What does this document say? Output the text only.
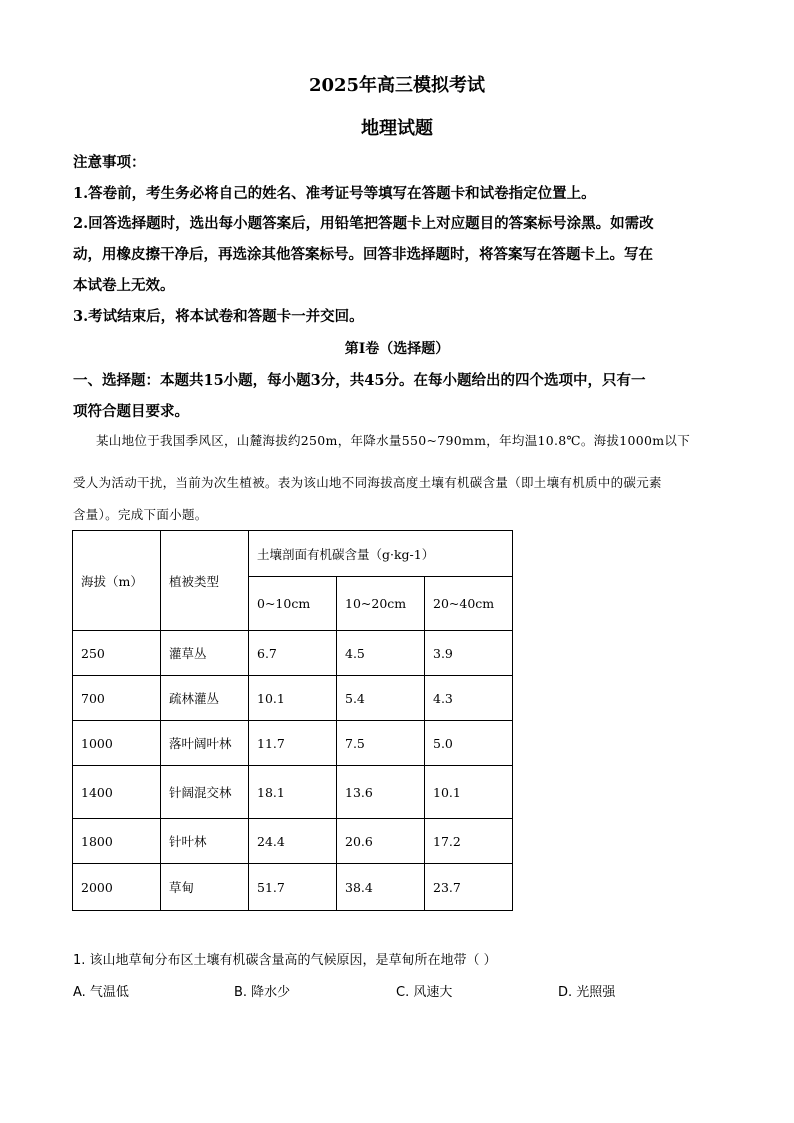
2025年高三模拟考试
地理试题
注意事项：
1.答卷前，考生务必将自己的姓名、准考证号等填写在答题卡和试卷指定位置上。
2.回答选择题时，选出每小题答案后，用铅笔把答题卡上对应题目的答案标号涂黑。如需改
动，用橡皮擦干净后，再选涂其他答案标号。回答非选择题时，将答案写在答题卡上。写在
本试卷上无效。
3.考试结束后，将本试卷和答题卡一并交回。
第Ⅰ卷（选择题）
一、选择题：本题共15小题，每小题3分，共45分。在每小题给出的四个选项中，只有一
项符合题目要求。
某山地位于我国季风区，山麓海拔约250m，年降水量550~790mm，年均温10.8℃。海拔1000m以下
受人为活动干扰，当前为次生植被。表为该山地不同海拔高度土壤有机碳含量（即土壤有机质中的碳元素
含量）。完成下面小题。
海拔（m）	植被类型	土壤剖面有机碳含量（g·kg-1）		
		0~10cm	10~20cm	20~40cm
250	灌草丛	6.7	4.5	3.9
700	疏林灌丛	10.1	5.4	4.3
1000	落叶阔叶林	11.7	7.5	5.0
1400	针阔混交林	18.1	13.6	10.1
1800	针叶林	24.4	20.6	17.2
2000	草甸	51.7	38.4	23.7
1. 该山地草甸分布区土壤有机碳含量高的气候原因，是草甸所在地带（ ）
A. 气温低	B. 降水少	C. 风速大	D. 光照强
